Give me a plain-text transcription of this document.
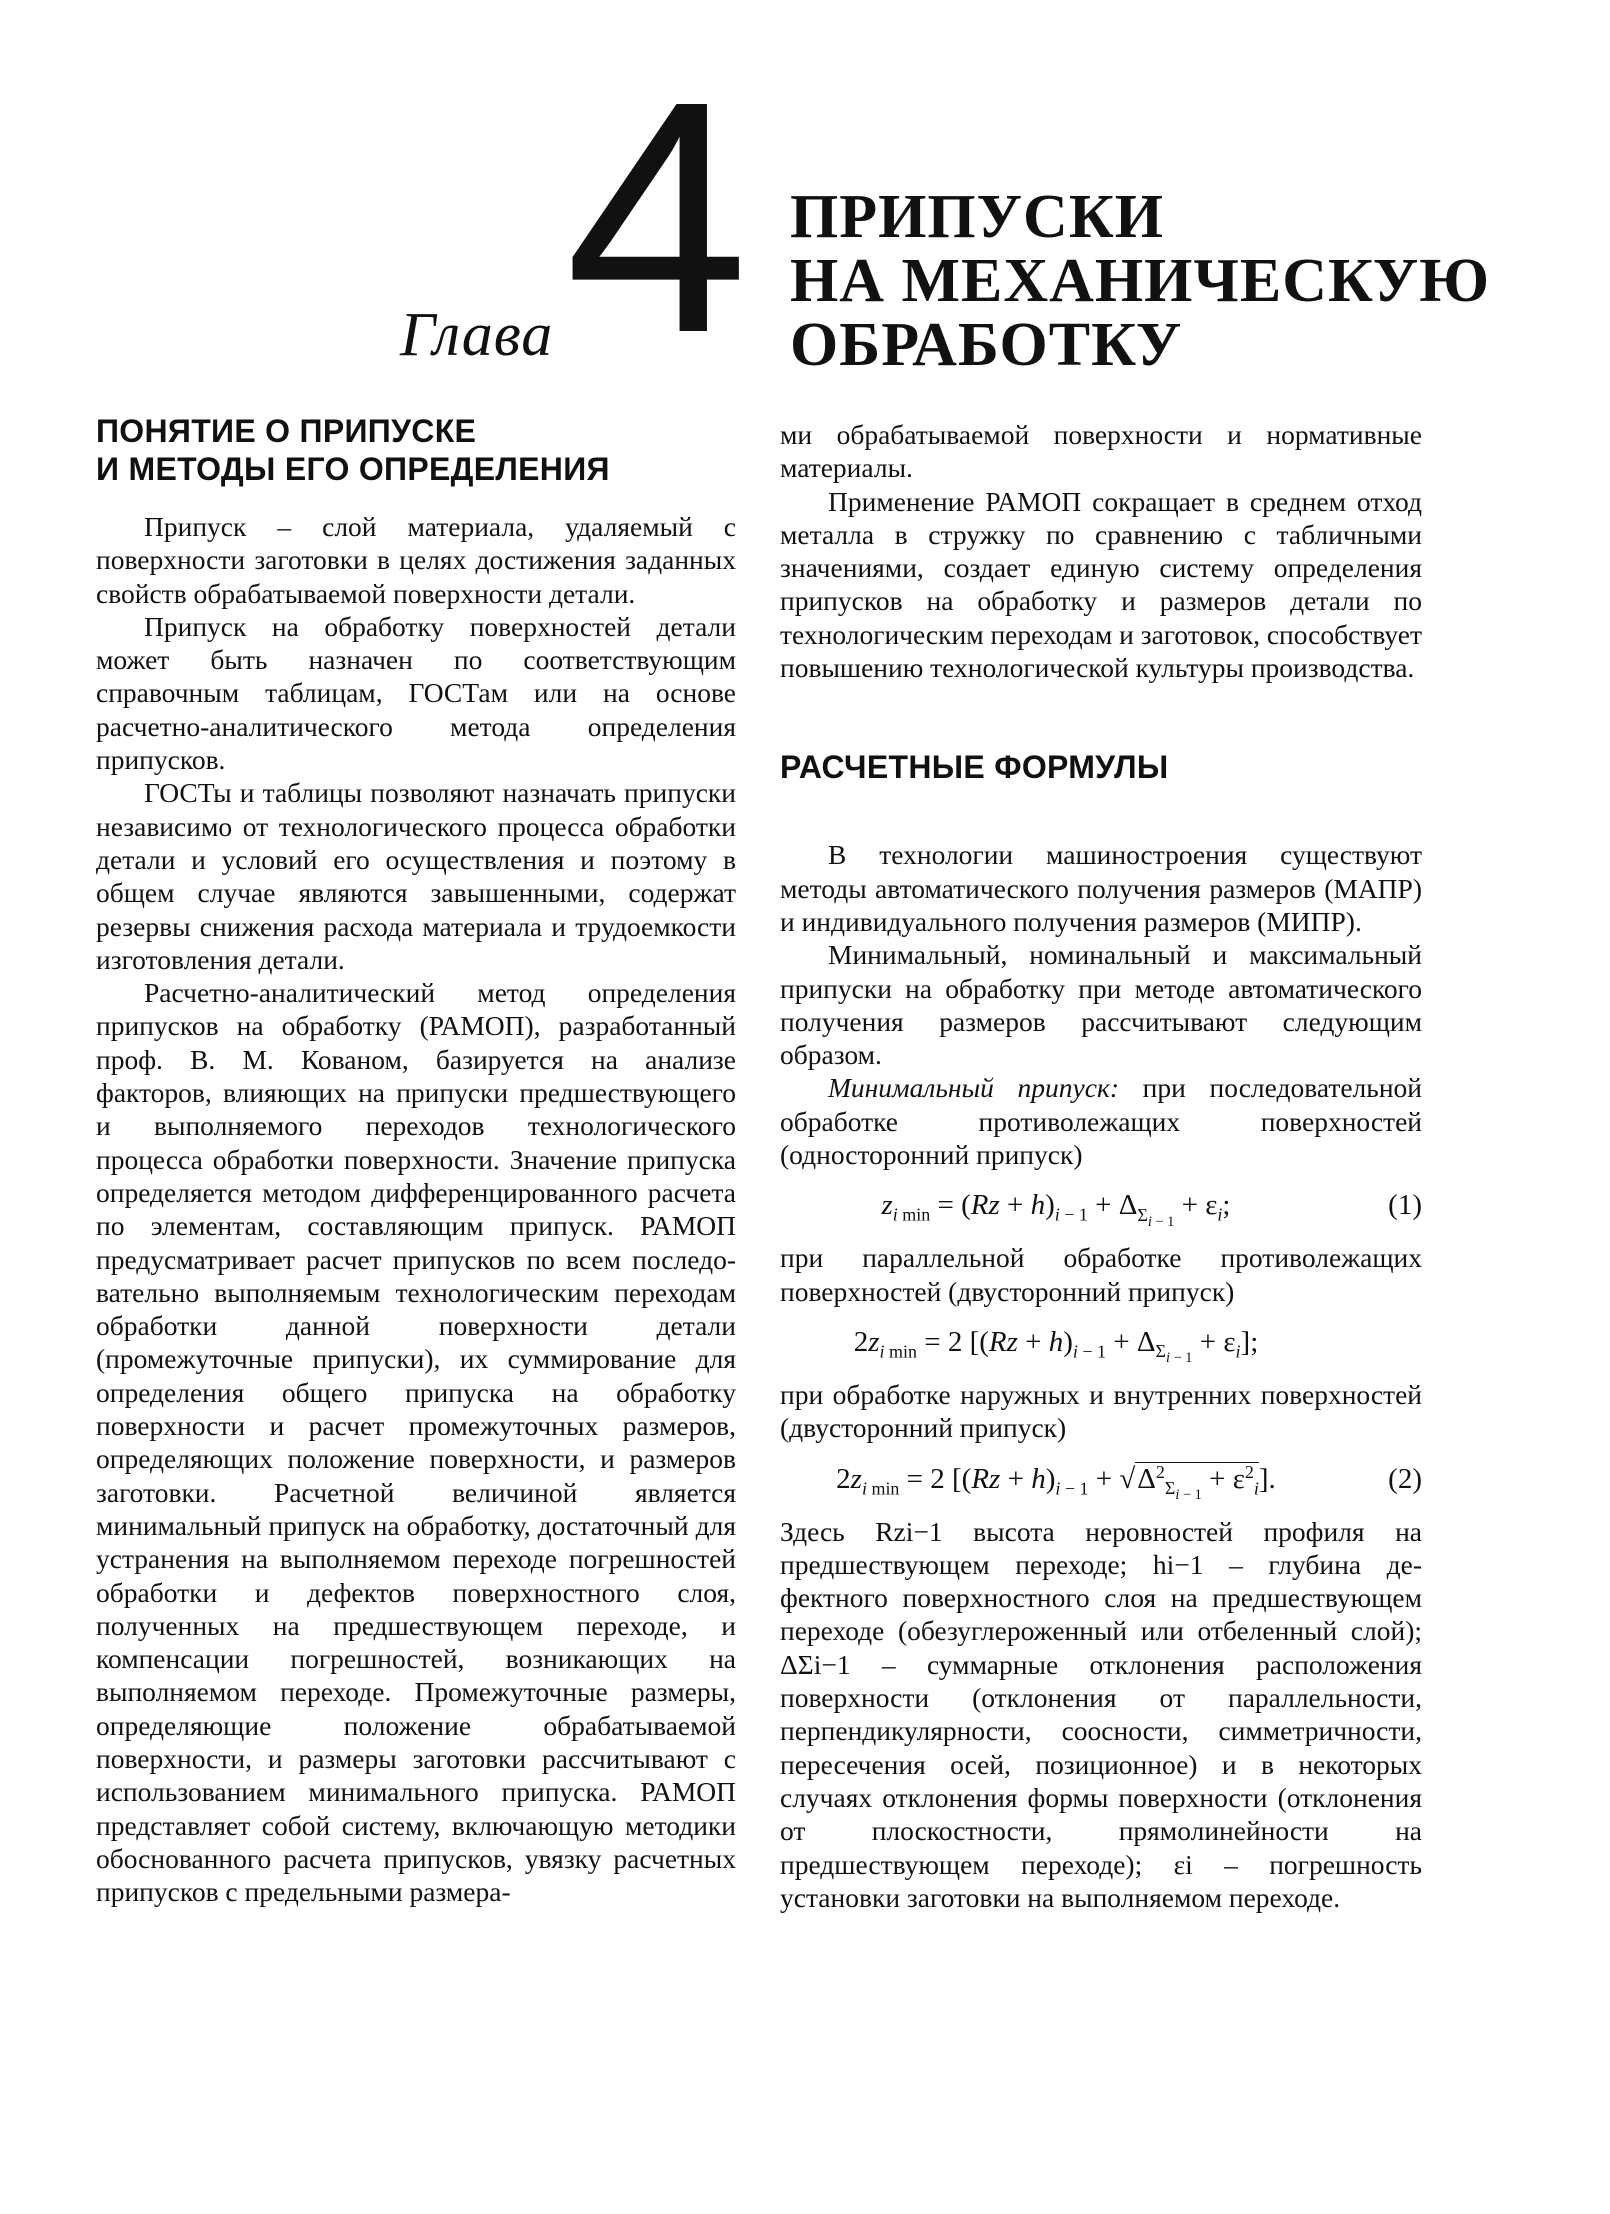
Глава 4 ПРИПУСКИ
НА МЕХАНИЧЕСКУЮ
ОБРАБОТКУ
ПОНЯТИЕ О ПРИПУСКЕ
И МЕТОДЫ ЕГО ОПРЕДЕЛЕНИЯ

Припуск – слой материала, удаляемый с поверхности заготовки в целях достижения заданных свойств обрабатываемой поверхности детали.

Припуск на обработку поверхностей детали может быть назначен по соответствующим справочным таблицам, ГОСТам или на основе расчетно-аналитического метода определения припусков.

ГОСТы и таблицы позволяют назначать припуски независимо от технологического процесса обработки детали и условий его осуществления и поэтому в общем случае являются завышенными, содержат резервы снижения расхода материала и трудоемкости изготовления детали.

Расчетно-аналитический метод определения припусков на обработку (РАМОП), разработанный проф. В. М. Кованом, базируется на анализе факторов, влияющих на припуски предшествующего и выполняемого переходов технологического процесса обработки поверхности. Значение припуска определяется методом дифференцированного расчета по элементам, составляющим припуск. РАМОП предусматривает расчет припусков по всем последовательно выполняемым технологическим переходам обработки данной поверхности детали (промежуточные припуски), их суммирование для определения общего припуска на обработку поверхности и расчет промежуточных размеров, определяющих положение поверхности, и размеров заготовки. Расчетной величиной является минимальный припуск на обработку, достаточный для устранения на выполняемом переходе погрешностей обработки и дефектов поверхностного слоя, полученных на предшествующем переходе, и компенсации погрешностей, возникающих на выполняемом переходе. Промежуточные размеры, определяющие положение обрабатываемой поверхности, и размеры заготовки рассчитывают с использованием минимального припуска. РАМОП представляет собой систему, включающую методики обоснованного расчета припусков, увязку расчетных припусков с предельными размера-

ми обрабатываемой поверхности и нормативные материалы.

Применение РАМОП сокращает в среднем отход металла в стружку по сравнению с табличными значениями, создает единую систему определения припусков на обработку и размеров детали по технологическим переходам и заготовок, способствует повышению технологической культуры производства.

РАСЧЕТНЫЕ ФОРМУЛЫ

В технологии машиностроения существуют методы автоматического получения размеров (МАПР) и индивидуального получения размеров (МИПР).

Минимальный, номинальный и максимальный припуски на обработку при методе автоматического получения размеров рассчитывают следующим образом.

Минимальный припуск: при последовательной обработке противолежащих поверхностей (односторонний припуск)

$z_{i min} = (Rz + h)_{i - 1} + \Delta_{\Sigma_{i - 1}} + \varepsilon_i$;	(1)

при параллельной обработке противолежащих поверхностей (двусторонний припуск)

$2z_{i min} = 2$ $[(Rz + h)_{i - 1} + \Delta_{\Sigma_{i - 1}} + \varepsilon_i]$;

при обработке наружных и внутренних поверхностей (двусторонний припуск)

$2z_{i min} = 2$ $[(Rz + h)_{i - 1} + √\Delta^2_{\Sigma_{i - 1}} + \varepsilon^2_i]$.	(2)

Здесь Rzi−1 высота неровностей профиля на предшествующем переходе; hi−1 – глубина дефектного поверхностного слоя на предшествующем переходе (обезуглероженный или отбеленный слой); ΔΣi−1 – суммарные отклонения расположения поверхности (отклонения от параллельности, перпендикулярности, сооcности, симметричности, пересечения осей, позиционное) и в некоторых случаях отклонения формы поверхности (отклонения от плоскостности, прямолинейности на предшествующем переходе); εi – погрешность установки заготовки на выполняемом переходе.
